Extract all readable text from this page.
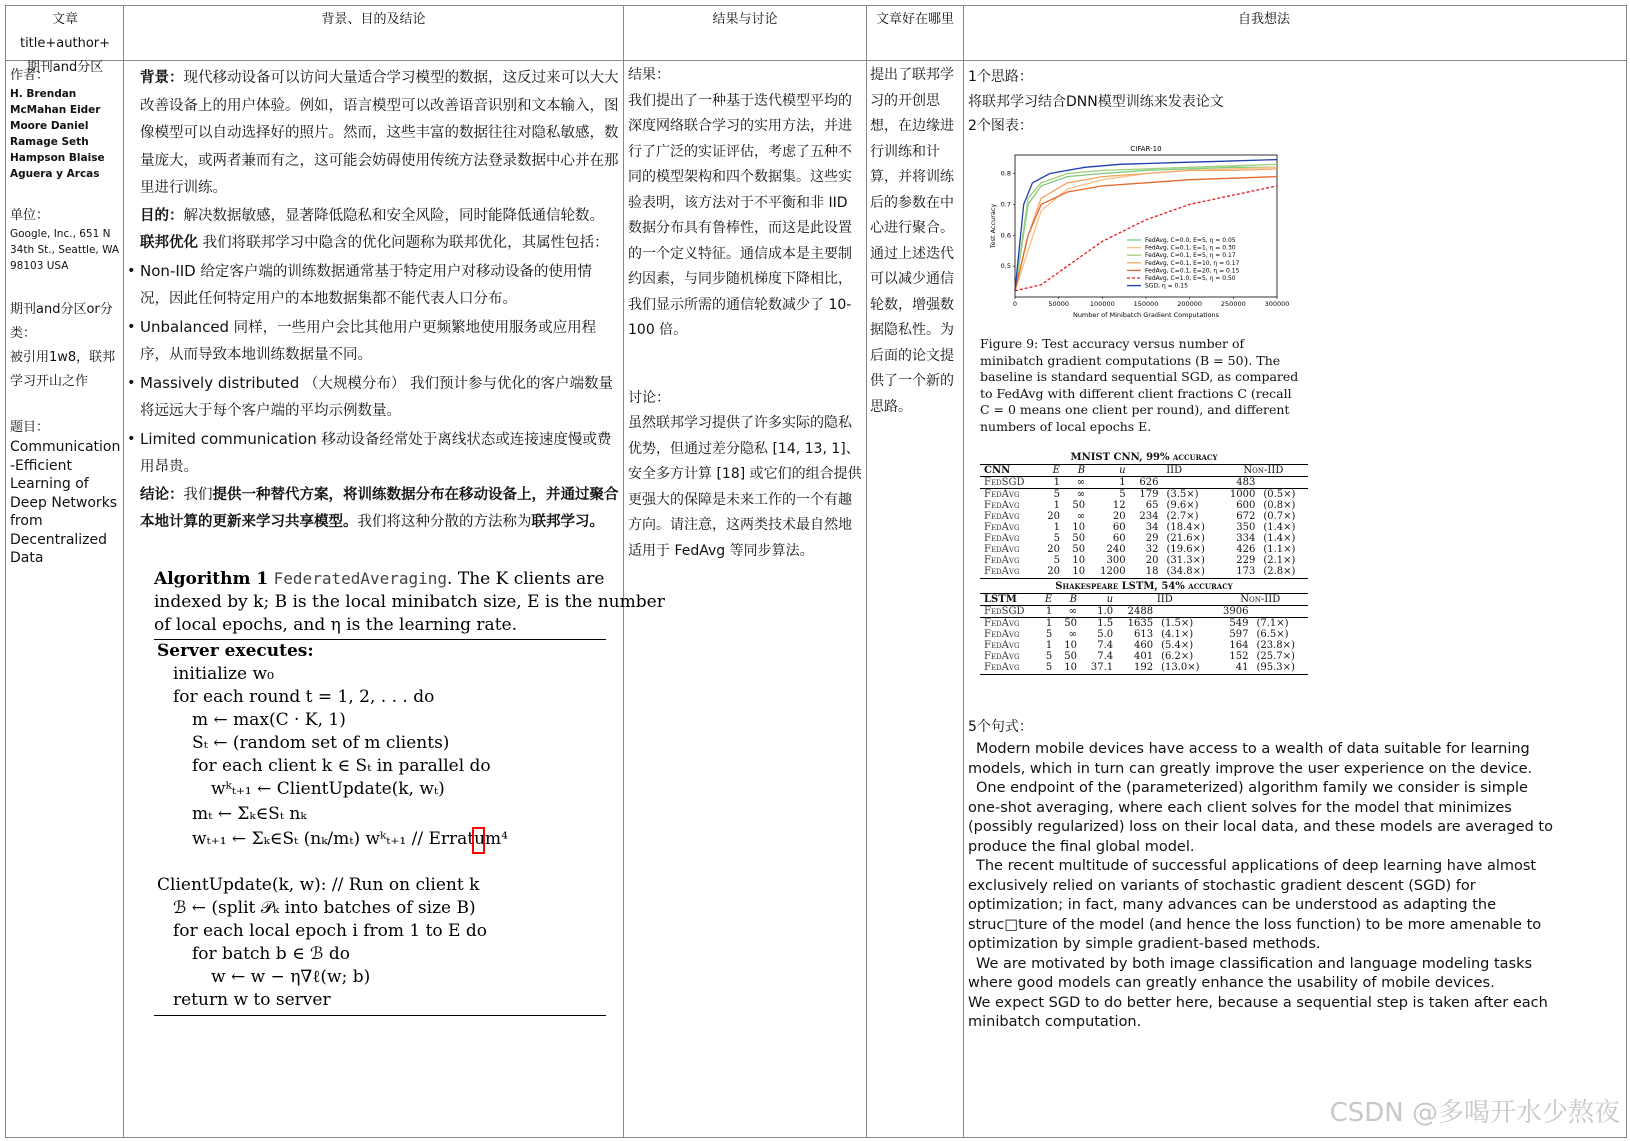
文章title+author+
期刊and分区
背景、目的及结论	结果与讨论	文章好在哪里	自我想法
作者：
H. Brendan
McMahan Eider
Moore Daniel
Ramage Seth
Hampson Blaise
Aguera y Arcas
单位：
Google, Inc., 651 N
34th St., Seattle, WA
98103 USA
期刊and分区or分
类：
被引用1w8，联邦
学习开山之作
题目：
Communication
-Efficient
Learning of
Deep Networks
from
Decentralized
Data

背景：现代移动设备可以访问大量适合学习模型的数据，这反过来可以大大改善设备上的用户体验。例如，语言模型可以改善语音识别和文本输入，图像模型可以自动选择好的照片。然而，这些丰富的数据往往对隐私敏感，数量庞大，或两者兼而有之，这可能会妨碍使用传统方法登录数据中心并在那里进行训练。

目的：解决数据敏感，显著降低隐私和安全风险，同时能降低通信轮数。

联邦优化 我们将联邦学习中隐含的优化问题称为联邦优化，其属性包括：

• Non-IID 给定客户端的训练数据通常基于特定用户对移动设备的使用情况，因此任何特定用户的本地数据集都不能代表人口分布。
• Unbalanced 同样，一些用户会比其他用户更频繁地使用服务或应用程序，从而导致本地训练数据量不同。
• Massively distributed （大规模分布） 我们预计参与优化的客户端数量将远远大于每个客户端的平均示例数量。
• Limited communication 移动设备经常处于离线状态或连接速度慢或费用昂贵。

结论：我们提供一种替代方案，将训练数据分布在移动设备上，并通过聚合本地计算的更新来学习共享模型。我们将这种分散的方法称为联邦学习。

Algorithm 1 FederatedAveraging. The K clients are
indexed by k; B is the local minibatch size, E is the number
of local epochs, and η is the learning rate.
Server executes:
initialize w₀
for each round t = 1, 2, . . . do
m ← max(C · K, 1)
Sₜ ← (random set of m clients)
for each client k ∈ Sₜ in parallel do
wᵏₜ₊₁ ← ClientUpdate(k, wₜ)
mₜ ← Σₖ∈Sₜ nₖ
wₜ₊₁ ← Σₖ∈Sₜ (nₖ/mₜ) wᵏₜ₊₁ // Erratum⁴
ClientUpdate(k, w): // Run on client k
ℬ ← (split 𝒫ₖ into batches of size B)
for each local epoch i from 1 to E do
for batch b ∈ ℬ do
w ← w − η∇ℓ(w; b)
return w to server

结果：

我们提出了一种基于迭代模型平均的深度网络联合学习的实用方法，并进行了广泛的实证评估，考虑了五种不同的模型架构和四个数据集。这些实验表明，该方法对于不平衡和非 IID 数据分布具有鲁棒性，而这是此设置的一个定义特征。通信成本是主要制约因素，与同步随机梯度下降相比，我们显示所需的通信轮数减少了 10-100 倍。

讨论：

虽然联邦学习提供了许多实际的隐私优势，但通过差分隐私 [14, 13, 1]、安全多方计算 [18] 或它们的组合提供更强大的保障是未来工作的一个有趣方向。请注意，这两类技术最自然地适用于 FedAvg 等同步算法。

提出了联邦学习的开创思想，在边缘进行训练和计算，并将训练后的参数在中心进行聚合。通过上述迭代可以减少通信轮数，增强数据隐私性。为后面的论文提供了一个新的思路。

1个思路：
将联邦学习结合DNN模型训练来发表论文
2个图表：
CIFAR-10
0	50000	100000	150000	200000	250000	300000
0.5
0.6
0.7
0.8
Number of Minibatch Gradient Computations
Test Accuracy	FedAvg, C=0.0, E=5, η = 0.05
FedAvg, C=0.1, E=1, η = 0.30
FedAvg, C=0.1, E=5, η = 0.17
FedAvg, C=0.1, E=10, η = 0.17
FedAvg, C=0.1, E=20, η = 0.15
FedAvg, C=1.0, E=5, η = 0.50
SGD, η = 0.15
Figure 9: Test accuracy versus number of minibatch gradient computations (B = 50). The baseline is standard sequential SGD, as compared to FedAvg with different client fractions C (recall C = 0 means one client per round), and different numbers of local epochs E.
MNIST CNN, 99% accuracy
CNN	E	B	u	IID		Non-IID	
FedSGD	1	∞	1	626		483	
FedAvg	5	∞	5	179	(3.5×)	1000	(0.5×)
FedAvg	1	50	12	65	(9.6×)	600	(0.8×)
FedAvg	20	∞	20	234	(2.7×)	672	(0.7×)
FedAvg	1	10	60	34	(18.4×)	350	(1.4×)
FedAvg	5	50	60	29	(21.6×)	334	(1.4×)
FedAvg	20	50	240	32	(19.6×)	426	(1.1×)
FedAvg	5	10	300	20	(31.3×)	229	(2.1×)
FedAvg	20	10	1200	18	(34.8×)	173	(2.8×)
Shakespeare LSTM, 54% accuracy
LSTM	E	B	u	IID		Non-IID	
FedSGD	1	∞	1.0	2488		3906	
FedAvg	1	50	1.5	1635	(1.5×)	549	(7.1×)
FedAvg	5	∞	5.0	613	(4.1×)	597	(6.5×)
FedAvg	1	10	7.4	460	(5.4×)	164	(23.8×)
FedAvg	5	50	7.4	401	(6.2×)	152	(25.7×)
FedAvg	5	10	37.1	192	(13.0×)	41	(95.3×)
5个句式：
Modern mobile devices have access to a wealth of data suitable for learning models, which in turn can greatly improve the user experience on the device.
One endpoint of the (parameterized) algorithm family we consider is simple one-shot averaging, where each client solves for the model that minimizes (possibly regularized) loss on their local data, and these models are averaged to produce the final global model.
The recent multitude of successful applications of deep learning have almost exclusively relied on variants of stochastic gradient descent (SGD) for optimization; in fact, many advances can be understood as adapting the struc□ture of the model (and hence the loss function) to be more amenable to optimization by simple gradient-based methods.
We are motivated by both image classification and language modeling tasks where good models can greatly enhance the usability of mobile devices.
We expect SGD to do better here, because a sequential step is taken after each minibatch computation.
CSDN @多喝开水少熬夜
